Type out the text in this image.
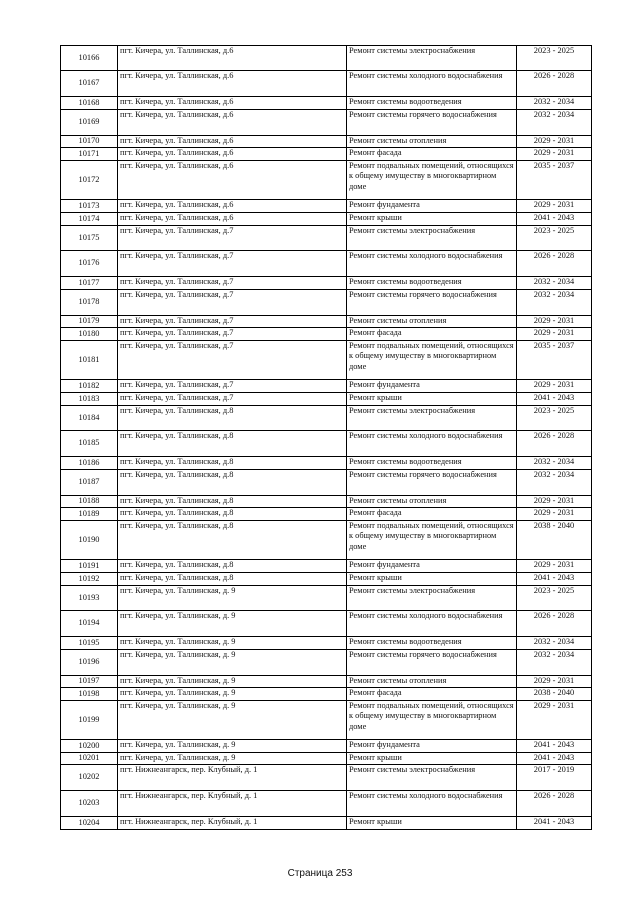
10166	пгт. Кичера, ул. Таллинская, д.6	Ремонт системы электроснабжения	2023 - 2025
10167	пгт. Кичера, ул. Таллинская, д.6	Ремонт системы холодного водоснабжения	2026 - 2028
10168	пгт. Кичера, ул. Таллинская, д.6	Ремонт системы водоотведения	2032 - 2034
10169	пгт. Кичера, ул. Таллинская, д.6	Ремонт системы горячего водоснабжения	2032 - 2034
10170	пгт. Кичера, ул. Таллинская, д.6	Ремонт системы отопления	2029 - 2031
10171	пгт. Кичера, ул. Таллинская, д.6	Ремонт фасада	2029 - 2031
10172	пгт. Кичера, ул. Таллинская, д.6	Ремонт подвальных помещений, относящихся к общему имуществу в многоквартирном доме	2035 - 2037
10173	пгт. Кичера, ул. Таллинская, д.6	Ремонт фундамента	2029 - 2031
10174	пгт. Кичера, ул. Таллинская, д.6	Ремонт крыши	2041 - 2043
10175	пгт. Кичера, ул. Таллинская, д.7	Ремонт системы электроснабжения	2023 - 2025
10176	пгт. Кичера, ул. Таллинская, д.7	Ремонт системы холодного водоснабжения	2026 - 2028
10177	пгт. Кичера, ул. Таллинская, д.7	Ремонт системы водоотведения	2032 - 2034
10178	пгт. Кичера, ул. Таллинская, д.7	Ремонт системы горячего водоснабжения	2032 - 2034
10179	пгт. Кичера, ул. Таллинская, д.7	Ремонт системы отопления	2029 - 2031
10180	пгт. Кичера, ул. Таллинская, д.7	Ремонт фасада	2029 - 2031
10181	пгт. Кичера, ул. Таллинская, д.7	Ремонт подвальных помещений, относящихся к общему имуществу в многоквартирном доме	2035 - 2037
10182	пгт. Кичера, ул. Таллинская, д.7	Ремонт фундамента	2029 - 2031
10183	пгт. Кичера, ул. Таллинская, д.7	Ремонт крыши	2041 - 2043
10184	пгт. Кичера, ул. Таллинская, д.8	Ремонт системы электроснабжения	2023 - 2025
10185	пгт. Кичера, ул. Таллинская, д.8	Ремонт системы холодного водоснабжения	2026 - 2028
10186	пгт. Кичера, ул. Таллинская, д.8	Ремонт системы водоотведения	2032 - 2034
10187	пгт. Кичера, ул. Таллинская, д.8	Ремонт системы горячего водоснабжения	2032 - 2034
10188	пгт. Кичера, ул. Таллинская, д.8	Ремонт системы отопления	2029 - 2031
10189	пгт. Кичера, ул. Таллинская, д.8	Ремонт фасада	2029 - 2031
10190	пгт. Кичера, ул. Таллинская, д.8	Ремонт подвальных помещений, относящихся к общему имуществу в многоквартирном доме	2038 - 2040
10191	пгт. Кичера, ул. Таллинская, д.8	Ремонт фундамента	2029 - 2031
10192	пгт. Кичера, ул. Таллинская, д.8	Ремонт крыши	2041 - 2043
10193	пгт. Кичера, ул. Таллинская, д. 9	Ремонт системы электроснабжения	2023 - 2025
10194	пгт. Кичера, ул. Таллинская, д. 9	Ремонт системы холодного водоснабжения	2026 - 2028
10195	пгт. Кичера, ул. Таллинская, д. 9	Ремонт системы водоотведения	2032 - 2034
10196	пгт. Кичера, ул. Таллинская, д. 9	Ремонт системы горячего водоснабжения	2032 - 2034
10197	пгт. Кичера, ул. Таллинская, д. 9	Ремонт системы отопления	2029 - 2031
10198	пгт. Кичера, ул. Таллинская, д. 9	Ремонт фасада	2038 - 2040
10199	пгт. Кичера, ул. Таллинская, д. 9	Ремонт подвальных помещений, относящихся к общему имуществу в многоквартирном доме	2029 - 2031
10200	пгт. Кичера, ул. Таллинская, д. 9	Ремонт фундамента	2041 - 2043
10201	пгт. Кичера, ул. Таллинская, д. 9	Ремонт крыши	2041 - 2043
10202	пгт. Нижнеангарск, пер. Клубный, д. 1	Ремонт системы электроснабжения	2017 - 2019
10203	пгт. Нижнеангарск, пер. Клубный, д. 1	Ремонт системы холодного водоснабжения	2026 - 2028
10204	пгт. Нижнеангарск, пер. Клубный, д. 1	Ремонт крыши	2041 - 2043
Страница 253
